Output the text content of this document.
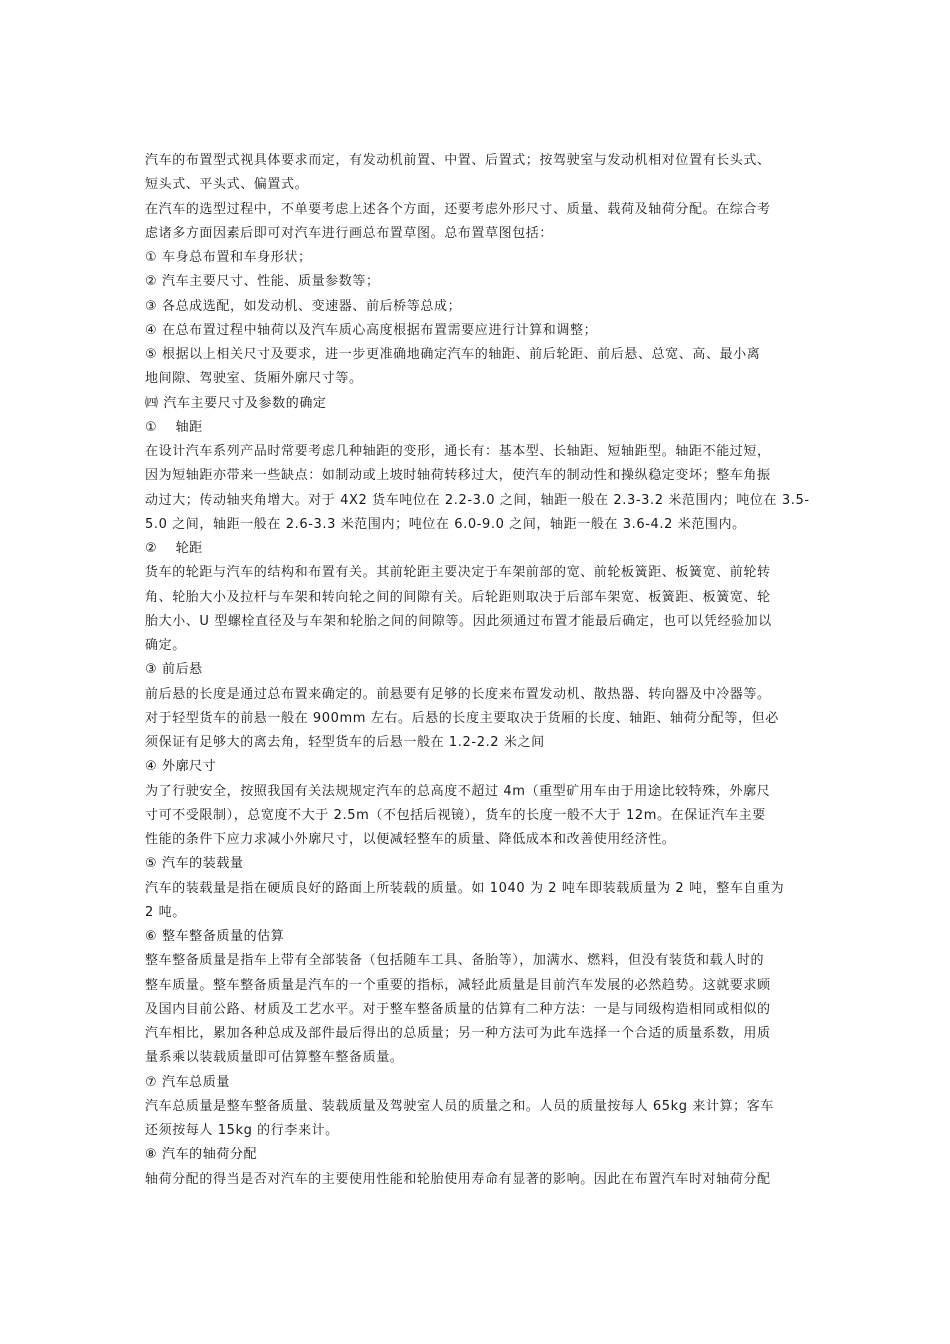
汽车的布置型式视具体要求而定，有发动机前置、中置、后置式；按驾驶室与发动机相对位置有长头式、
短头式、平头式、偏置式。
在汽车的选型过程中，不单要考虑上述各个方面，还要考虑外形尺寸、质量、载荷及轴荷分配。在综合考
虑诸多方面因素后即可对汽车进行画总布置草图。总布置草图包括：
① 车身总布置和车身形状；
② 汽车主要尺寸、性能、质量参数等；
③ 各总成选配，如发动机、变速器、前后桥等总成；
④ 在总布置过程中轴荷以及汽车质心高度根据布置需要应进行计算和调整；
⑤ 根据以上相关尺寸及要求，进一步更准确地确定汽车的轴距、前后轮距、前后悬、总宽、高、最小离
地间隙、驾驶室、货厢外廓尺寸等。
㈣ 汽车主要尺寸及参数的确定
①　 轴距
在设计汽车系列产品时常要考虑几种轴距的变形，通长有：基本型、长轴距、短轴距型。轴距不能过短，
因为短轴距亦带来一些缺点：如制动或上坡时轴荷转移过大，使汽车的制动性和操纵稳定变坏；整车角振
动过大；传动轴夹角增大。对于 4X2 货车吨位在 2.2-3.0 之间，轴距一般在 2.3-3.2 米范围内；吨位在 3.5-
5.0 之间，轴距一般在 2.6-3.3 米范围内；吨位在 6.0-9.0 之间，轴距一般在 3.6-4.2 米范围内。
②　 轮距
货车的轮距与汽车的结构和布置有关。其前轮距主要决定于车架前部的宽、前轮板簧距、板簧宽、前轮转
角、轮胎大小及拉杆与车架和转向轮之间的间隙有关。后轮距则取决于后部车架宽、板簧距、板簧宽、轮
胎大小、U 型螺栓直径及与车架和轮胎之间的间隙等。因此须通过布置才能最后确定，也可以凭经验加以
确定。
③ 前后悬
前后悬的长度是通过总布置来确定的。前悬要有足够的长度来布置发动机、散热器、转向器及中冷器等。
对于轻型货车的前悬一般在 900mm 左右。后悬的长度主要取决于货厢的长度、轴距、轴荷分配等，但必
须保证有足够大的离去角，轻型货车的后悬一般在 1.2-2.2 米之间
④ 外廓尺寸
为了行驶安全，按照我国有关法规规定汽车的总高度不超过 4m（重型矿用车由于用途比较特殊，外廓尺
寸可不受限制），总宽度不大于 2.5m（不包括后视镜），货车的长度一般不大于 12m。在保证汽车主要
性能的条件下应力求减小外廓尺寸，以便减轻整车的质量、降低成本和改善使用经济性。
⑤ 汽车的装载量
汽车的装载量是指在硬质良好的路面上所装载的质量。如 1040 为 2 吨车即装载质量为 2 吨，整车自重为
2 吨。
⑥ 整车整备质量的估算
整车整备质量是指车上带有全部装备（包括随车工具、备胎等），加满水、燃料，但没有装货和载人时的
整车质量。整车整备质量是汽车的一个重要的指标，减轻此质量是目前汽车发展的必然趋势。这就要求顾
及国内目前公路、材质及工艺水平。对于整车整备质量的估算有二种方法：一是与同级构造相同或相似的
汽车相比，累加各种总成及部件最后得出的总质量；另一种方法可为此车选择一个合适的质量系数，用质
量系乘以装载质量即可估算整车整备质量。
⑦ 汽车总质量
汽车总质量是整车整备质量、装载质量及驾驶室人员的质量之和。人员的质量按每人 65kg 来计算；客车
还须按每人 15kg 的行李来计。
⑧ 汽车的轴荷分配
轴荷分配的得当是否对汽车的主要使用性能和轮胎使用寿命有显著的影响。因此在布置汽车时对轴荷分配
